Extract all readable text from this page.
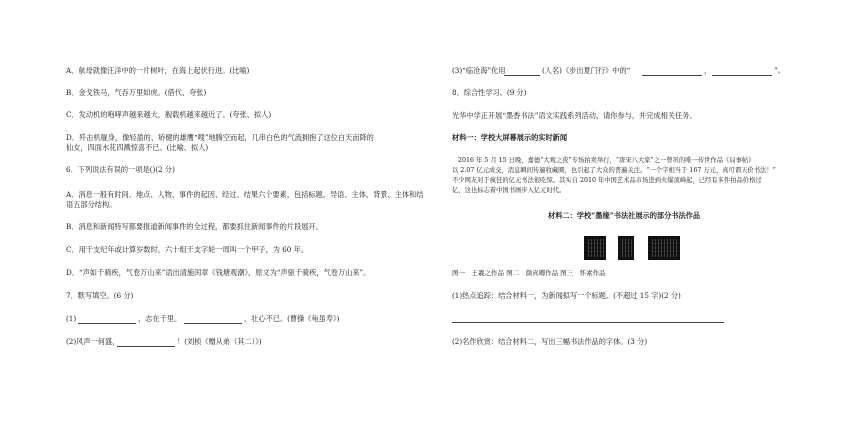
A．航母就像汪洋中的一片树叶，在海上起伏行进。(比喻)
B．金戈铁马，气吞万里如虎。(借代、夸张)
C．发动机的咆哮声越来越大，舰载机越来越近了。(夸张、拟人)
D．歼击机舰身，像轻盈的、矫健的雄鹰“嗖”地腾空而起，几串白色的气流拥抱了这位白天而降的
仙女，四面水花四溅惊喜不已。(比喻、拟人)
6．下列说法有误的一项是()(2 分)
A．消息一般有时间、地点、人物、事件的起因、经过、结果六个要素，包括标题、导语、主体、背景、主体和结
语五部分结构。
B．消息和新闻特写都要报道新闻事件的全过程，都要抓住新闻事件的片段展开。
C．用干支纪年或计算岁数时，六十组干支字轮一周叫一个甲子，为 60 年。
D．“声如千骑疾，气卷万山来”语出清施闰章《钱塘观潮》，原文为“声驱千骑疾，气卷万山来”。
7．默写填空。(6 分)
(1)	，志在千里。	，壮心不已。(曹操《龟虽寿》)
(2)风声一何盛，	！(刘桢《赠从弟（其二）》)
(3)“临沧海”化用	(人名)《步出夏门行》中的“	，	”。
8．综合性学习。(9 分)
光华中学正开展“墨香书法”语文实践系列活动，请你参与，并完成相关任务。
材料一：学校大屏幕展示的实时新闻
2016 年 5 月 15 日晚，嘉德“大观之夜”专场拍卖举行，“唐宋八大家”之一曾巩的唯一传世作品《局事帖》
以 2.07 亿元成交，消息瞬间传遍收藏圈，也引起了大众的普遍关注。“一个字相当于 167 万元，真可谓天价书法！”
不少网友对于疯狂的亿元书法很吃惊。其实自 2010 年中国艺术品市场进到火爆顶峰起，已经有多件拍品价格过
亿，这也标志着中国书画步入亿元时代。
材料二：学校“墨缘”书法社展示的部分书法作品
图一　王羲之作品 图二　颜真卿作品 图三　怀素作品
(1)热点追踪：结合材料一，为新闻拟写一个标题。(不超过 15 字)(2 分)
(2)名作欣赏：结合材料二，写出三幅书法作品的字体。(3 分)
